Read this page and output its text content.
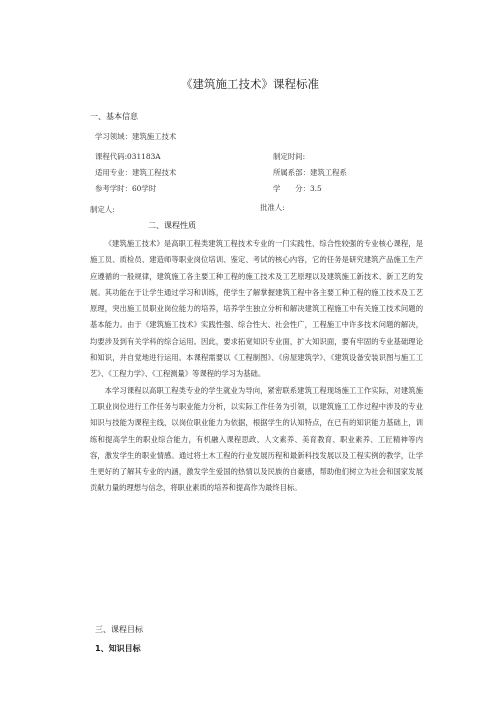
《建筑施工技术》课程标准
一、基本信息
学习领域：建筑施工技术
课程代码:031183A	制定时间:
适用专业：建筑工程技术	所属系部：建筑工程系
参考学时：60学时	学　　分：3.5
制定人:	批准人:
二、课程性质

《建筑施工技术》是高职工程类建筑工程技术专业的一门实践性、综合性较强的专业核心课程，是施工员、质检员、建造师等职业岗位培训、鉴定、考试的核心内容，它的任务是研究建筑产品施工生产应遵循的一般规律，建筑施工各主要工种工程的施工技术及工艺原理以及建筑施工新技术、新工艺的发展。其功能在于让学生通过学习和训练，使学生了解掌握建筑工程中各主要工种工程的施工技术及工艺原理，突出施工员职业岗位能力的培养，培养学生独立分析和解决建筑工程施工中有关施工技术问题的基本能力。由于《建筑施工技术》实践性强、综合性大、社会性广，工程施工中许多技术问题的解决，均要涉及到有关学科的综合运用。因此，要求拓宽知识专业面，扩大知识面，要有牢固的专业基础理论和知识，并自觉地进行运用。本课程需要以《工程制图》、《房屋建筑学》、《建筑设备安装识图与施工工艺》、《工程力学》、《工程测量》等课程的学习为基础。

本学习课程以高职工程类专业的学生就业为导向，紧密联系建筑工程现场施工工作实际，对建筑施工职业岗位进行工作任务与职业能力分析，以实际工作任务为引领，以建筑施工工作过程中涉及的专业知识与技能为课程主线，以岗位职业能力为依据，根据学生的认知特点，在已有的知识能力基础上，训练和提高学生的职业综合能力，有机融入课程思政、人文素养、美育教育、职业素养、工匠精神等内容，激发学生的职业情感。通过将土木工程的行业发展历程和最新科技发展以及工程实例的教学，让学生更好的了解其专业的内涵，激发学生爱国的热情以及民族的自豪感，帮助他们树立为社会和国家发展贡献力量的理想与信念，将职业素质的培养和提高作为最终目标。

三、课程目标
1、知识目标
